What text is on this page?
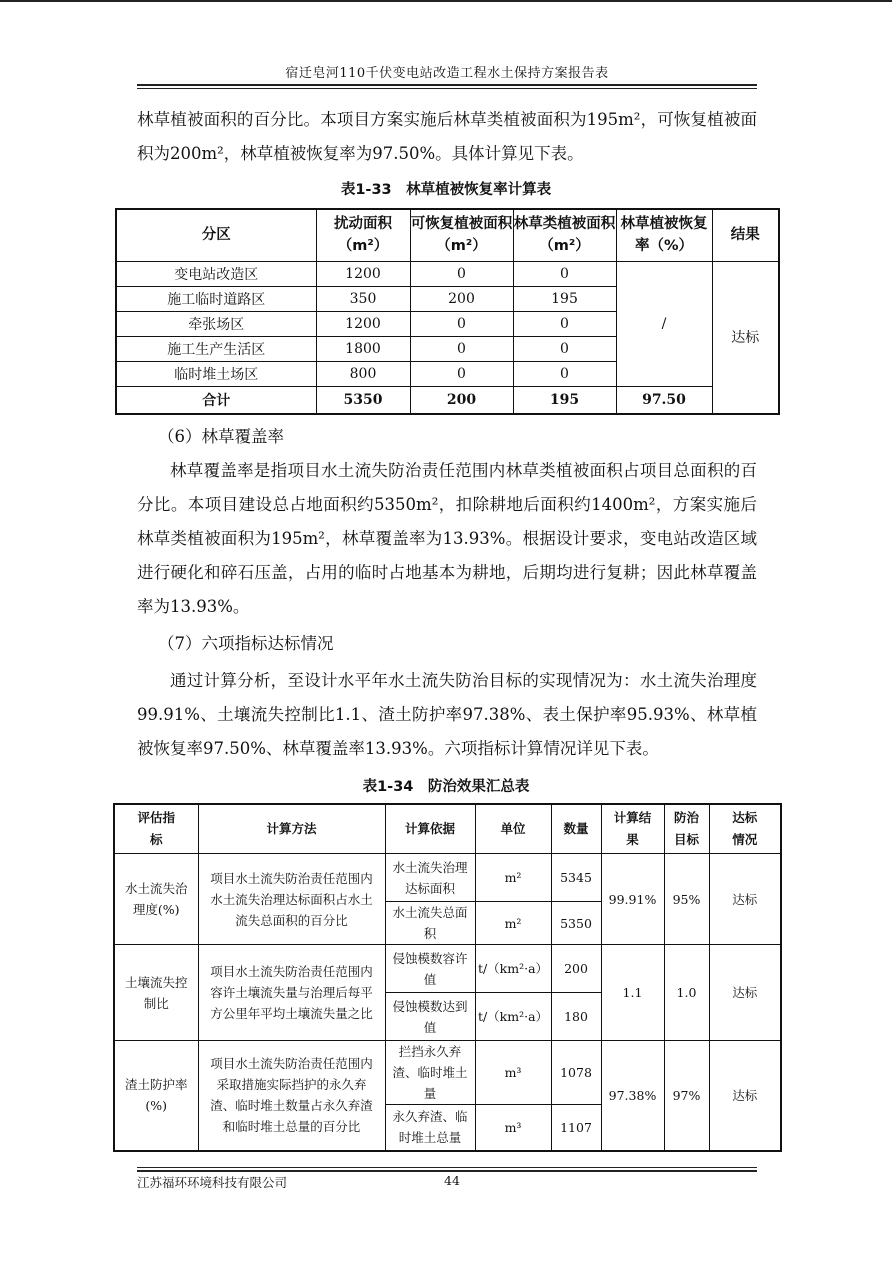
宿迁皂河110千伏变电站改造工程水土保持方案报告表
林草植被面积的百分比。本项目方案实施后林草类植被面积为195m²，可恢复植被面积为200m²，林草植被恢复率为97.50%。具体计算见下表。
表1-33　林草植被恢复率计算表
分区	扰动面积（m²）	可恢复植被面积（m²）	林草类植被面积（m²）	林草植被恢复率（%）	结果
变电站改造区	1200	0	0	/	达标
施工临时道路区	350	200	195		
牵张场区	1200	0	0		
施工生产生活区	1800	0	0		
临时堆土场区	800	0	0		
合计	5350	200	195	97.50	
（6）林草覆盖率
林草覆盖率是指项目水土流失防治责任范围内林草类植被面积占项目总面积的百分比。本项目建设总占地面积约5350m²，扣除耕地后面积约1400m²，方案实施后林草类植被面积为195m²，林草覆盖率为13.93%。根据设计要求，变电站改造区域进行硬化和碎石压盖，占用的临时占地基本为耕地，后期均进行复耕；因此林草覆盖率为13.93%。
（7）六项指标达标情况
通过计算分析，至设计水平年水土流失防治目标的实现情况为：水土流失治理度99.91%、土壤流失控制比1.1、渣土防护率97.38%、表土保护率95.93%、林草植被恢复率97.50%、林草覆盖率13.93%。六项指标计算情况详见下表。
表1-34　防治效果汇总表
评估指标	计算方法	计算依据	单位	数量	计算结果	防治目标	达标情况
水土流失治理度(%)	项目水土流失防治责任范围内水土流失治理达标面积占水土流失总面积的百分比	水土流失治理达标面积	m²	5345	99.91%	95%	达标
		水土流失总面积	m²	5350			
土壤流失控制比	项目水土流失防治责任范围内容许土壤流失量与治理后每平方公里年平均土壤流失量之比	侵蚀模数容许值	t/（km²·a）	200	1.1	1.0	达标
		侵蚀模数达到值	t/（km²·a）	180			
渣土防护率(%)	项目水土流失防治责任范围内采取措施实际挡护的永久弃渣、临时堆土数量占永久弃渣和临时堆土总量的百分比	拦挡永久弃渣、临时堆土量	m³	1078	97.38%	97%	达标
		永久弃渣、临时堆土总量	m³	1107			
江苏福环环境科技有限公司	44
